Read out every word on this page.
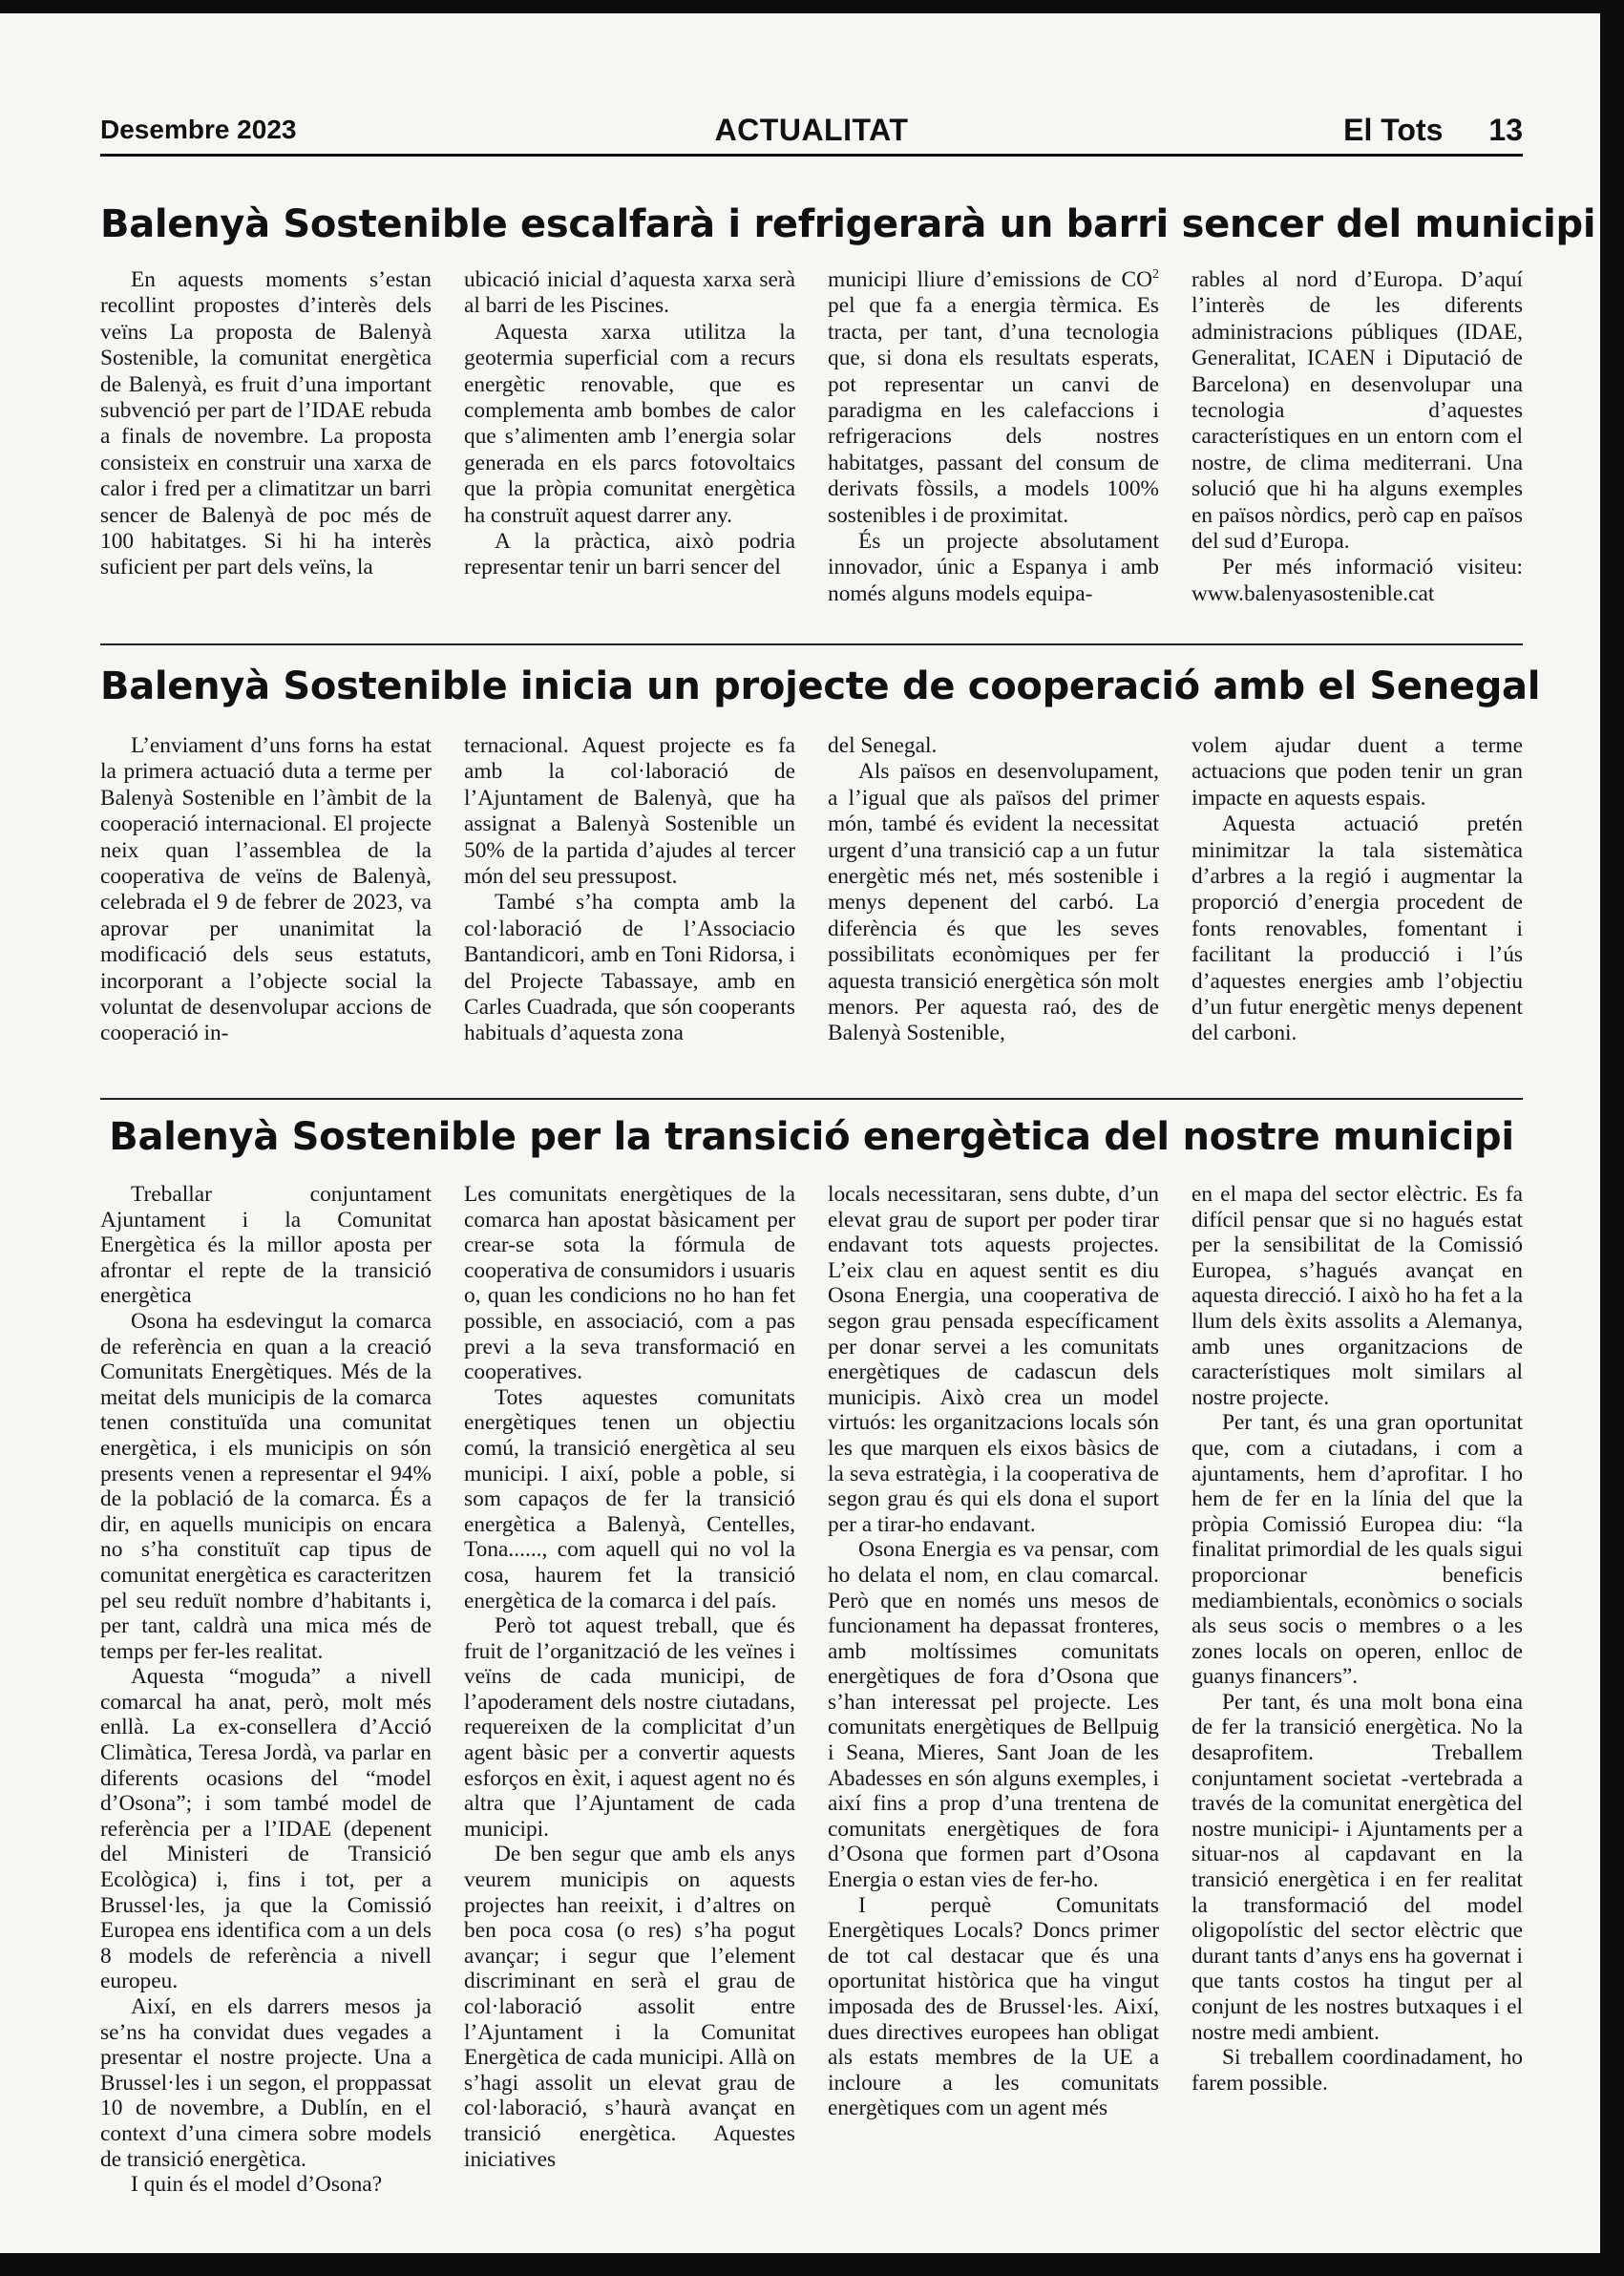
Desembre 2023	ACTUALITAT	El Tots 13
Balenyà Sostenible escalfarà i refrigerarà un barri sencer del municipi

En aquests moments s’estan recollint propostes d’interès dels veïns La proposta de Balenyà Sostenible, la comunitat energètica de Balenyà, es fruit d’una important subvenció per part de l’IDAE rebuda a finals de novembre. La proposta consisteix en construir una xarxa de calor i fred per a climatitzar un barri sencer de Balenyà de poc més de 100 habitatges. Si hi ha interès suficient per part dels veïns, la

ubicació inicial d’aquesta xarxa serà al barri de les Piscines.

Aquesta xarxa utilitza la geotermia superficial com a recurs energètic renovable, que es complementa amb bombes de calor que s’alimenten amb l’energia solar generada en els parcs fotovoltaics que la pròpia comunitat energètica ha construït aquest darrer any.

A la pràctica, això podria representar tenir un barri sencer del

municipi lliure d’emissions de $CO^2$ pel que fa a energia tèrmica. Es tracta, per tant, d’una tecnologia que, si dona els resultats esperats, pot representar un canvi de paradigma en les calefaccions i refrigeracions dels nostres habitatges, passant del consum de derivats fòssils, a models 100% sostenibles i de proximitat.

És un projecte absolutament innovador, únic a Espanya i amb només alguns models equipa-

rables al nord d’Europa. D’aquí l’interès de les diferents administracions públiques (IDAE, Generalitat, ICAEN i Diputació de Barcelona) en desenvolupar una tecnologia d’aquestes característiques en un entorn com el nostre, de clima mediterrani. Una solució que hi ha alguns exemples en països nòrdics, però cap en països del sud d’Europa.

Per més informació visiteu: www.balenyasostenible.cat

Balenyà Sostenible inicia un projecte de cooperació amb el Senegal

L’enviament d’uns forns ha estat la primera actuació duta a terme per Balenyà Sostenible en l’àmbit de la cooperació internacional. El projecte neix quan l’assemblea de la cooperativa de veïns de Balenyà, celebrada el 9 de febrer de 2023, va aprovar per unanimitat la modificació dels seus estatuts, incorporant a l’objecte social la voluntat de desenvolupar accions de cooperació in-

ternacional. Aquest projecte es fa amb la col·laboració de l’Ajuntament de Balenyà, que ha assignat a Balenyà Sostenible un 50% de la partida d’ajudes al tercer món del seu pressupost.

També s’ha compta amb la col·laboració de l’Associacio Bantandicori, amb en Toni Ridorsa, i del Projecte Tabassaye, amb en Carles Cuadrada, que són cooperants habituals d’aquesta zona

del Senegal.

Als països en desenvolupament, a l’igual que als països del primer món, també és evident la necessitat urgent d’una transició cap a un futur energètic més net, més sostenible i menys depenent del carbó. La diferència és que les seves possibilitats econòmiques per fer aquesta transició energètica són molt menors. Per aquesta raó, des de Balenyà Sostenible,

volem ajudar duent a terme actuacions que poden tenir un gran impacte en aquests espais.

Aquesta actuació pretén minimitzar la tala sistemàtica d’arbres a la regió i augmentar la proporció d’energia procedent de fonts renovables, fomentant i facilitant la producció i l’ús d’aquestes energies amb l’objectiu d’un futur energètic menys depenent del carboni.

Balenyà Sostenible per la transició energètica del nostre municipi

Treballar conjuntament Ajuntament i la Comunitat Energètica és la millor aposta per afrontar el repte de la transició energètica

Osona ha esdevingut la comarca de referència en quan a la creació Comunitats Energètiques. Més de la meitat dels municipis de la comarca tenen constituïda una comunitat energètica, i els municipis on són presents venen a representar el 94% de la població de la comarca. És a dir, en aquells municipis on encara no s’ha constituït cap tipus de comunitat energètica es caracteritzen pel seu reduït nombre d’habitants i, per tant, caldrà una mica més de temps per fer-les realitat.

Aquesta “moguda” a nivell comarcal ha anat, però, molt més enllà. La ex-consellera d’Acció Climàtica, Teresa Jordà, va parlar en diferents ocasions del “model d’Osona”; i som també model de referència per a l’IDAE (depenent del Ministeri de Transició Ecològica) i, fins i tot, per a Brussel·les, ja que la Comissió Europea ens identifica com a un dels 8 models de referència a nivell europeu.

Així, en els darrers mesos ja se’ns ha convidat dues vegades a presentar el nostre projecte. Una a Brussel·les i un segon, el proppassat 10 de novembre, a Dublín, en el context d’una cimera sobre models de transició energètica.

I quin és el model d’Osona?

Les comunitats energètiques de la comarca han apostat bàsicament per crear-se sota la fórmula de cooperativa de consumidors i usuaris o, quan les condicions no ho han fet possible, en associació, com a pas previ a la seva transformació en cooperatives.

Totes aquestes comunitats energètiques tenen un objectiu comú, la transició energètica al seu municipi. I així, poble a poble, si som capaços de fer la transició energètica a Balenyà, Centelles, Tona......, com aquell qui no vol la cosa, haurem fet la transició energètica de la comarca i del país.

Però tot aquest treball, que és fruit de l’organització de les veïnes i veïns de cada municipi, de l’apoderament dels nostre ciutadans, requereixen de la complicitat d’un agent bàsic per a convertir aquests esforços en èxit, i aquest agent no és altra que l’Ajuntament de cada municipi.

De ben segur que amb els anys veurem municipis on aquests projectes han reeixit, i d’altres on ben poca cosa (o res) s’ha pogut avançar; i segur que l’element discriminant en serà el grau de col·laboració assolit entre l’Ajuntament i la Comunitat Energètica de cada municipi. Allà on s’hagi assolit un elevat grau de col·laboració, s’haurà avançat en transició energètica. Aquestes iniciatives

locals necessitaran, sens dubte, d’un elevat grau de suport per poder tirar endavant tots aquests projectes. L’eix clau en aquest sentit es diu Osona Energia, una cooperativa de segon grau pensada específicament per donar servei a les comunitats energètiques de cadascun dels municipis. Això crea un model virtuós: les organitzacions locals són les que marquen els eixos bàsics de la seva estratègia, i la cooperativa de segon grau és qui els dona el suport per a tirar-ho endavant.

Osona Energia es va pensar, com ho delata el nom, en clau comarcal. Però que en només uns mesos de funcionament ha depassat fronteres, amb moltíssimes comunitats energètiques de fora d’Osona que s’han interessat pel projecte. Les comunitats energètiques de Bellpuig i Seana, Mieres, Sant Joan de les Abadesses en són alguns exemples, i així fins a prop d’una trentena de comunitats energètiques de fora d’Osona que formen part d’Osona Energia o estan vies de fer-ho.

I perquè Comunitats Energètiques Locals? Doncs primer de tot cal destacar que és una oportunitat històrica que ha vingut imposada des de Brussel·les. Així, dues directives europees han obligat als estats membres de la UE a incloure a les comunitats energètiques com un agent més

en el mapa del sector elèctric. Es fa difícil pensar que si no hagués estat per la sensibilitat de la Comissió Europea, s’hagués avançat en aquesta direcció. I això ho ha fet a la llum dels èxits assolits a Alemanya, amb unes organitzacions de característiques molt similars al nostre projecte.

Per tant, és una gran oportunitat que, com a ciutadans, i com a ajuntaments, hem d’aprofitar. I ho hem de fer en la línia del que la pròpia Comissió Europea diu: “la finalitat primordial de les quals sigui proporcionar beneficis mediambientals, econòmics o socials als seus socis o membres o a les zones locals on operen, enlloc de guanys financers”.

Per tant, és una molt bona eina de fer la transició energètica. No la desaprofitem. Treballem conjuntament societat -vertebrada a través de la comunitat energètica del nostre municipi- i Ajuntaments per a situar-nos al capdavant en la transició energètica i en fer realitat la transformació del model oligopolístic del sector elèctric que durant tants d’anys ens ha governat i que tants costos ha tingut per al conjunt de les nostres butxaques i el nostre medi ambient.

Si treballem coordinadament, ho farem possible.
